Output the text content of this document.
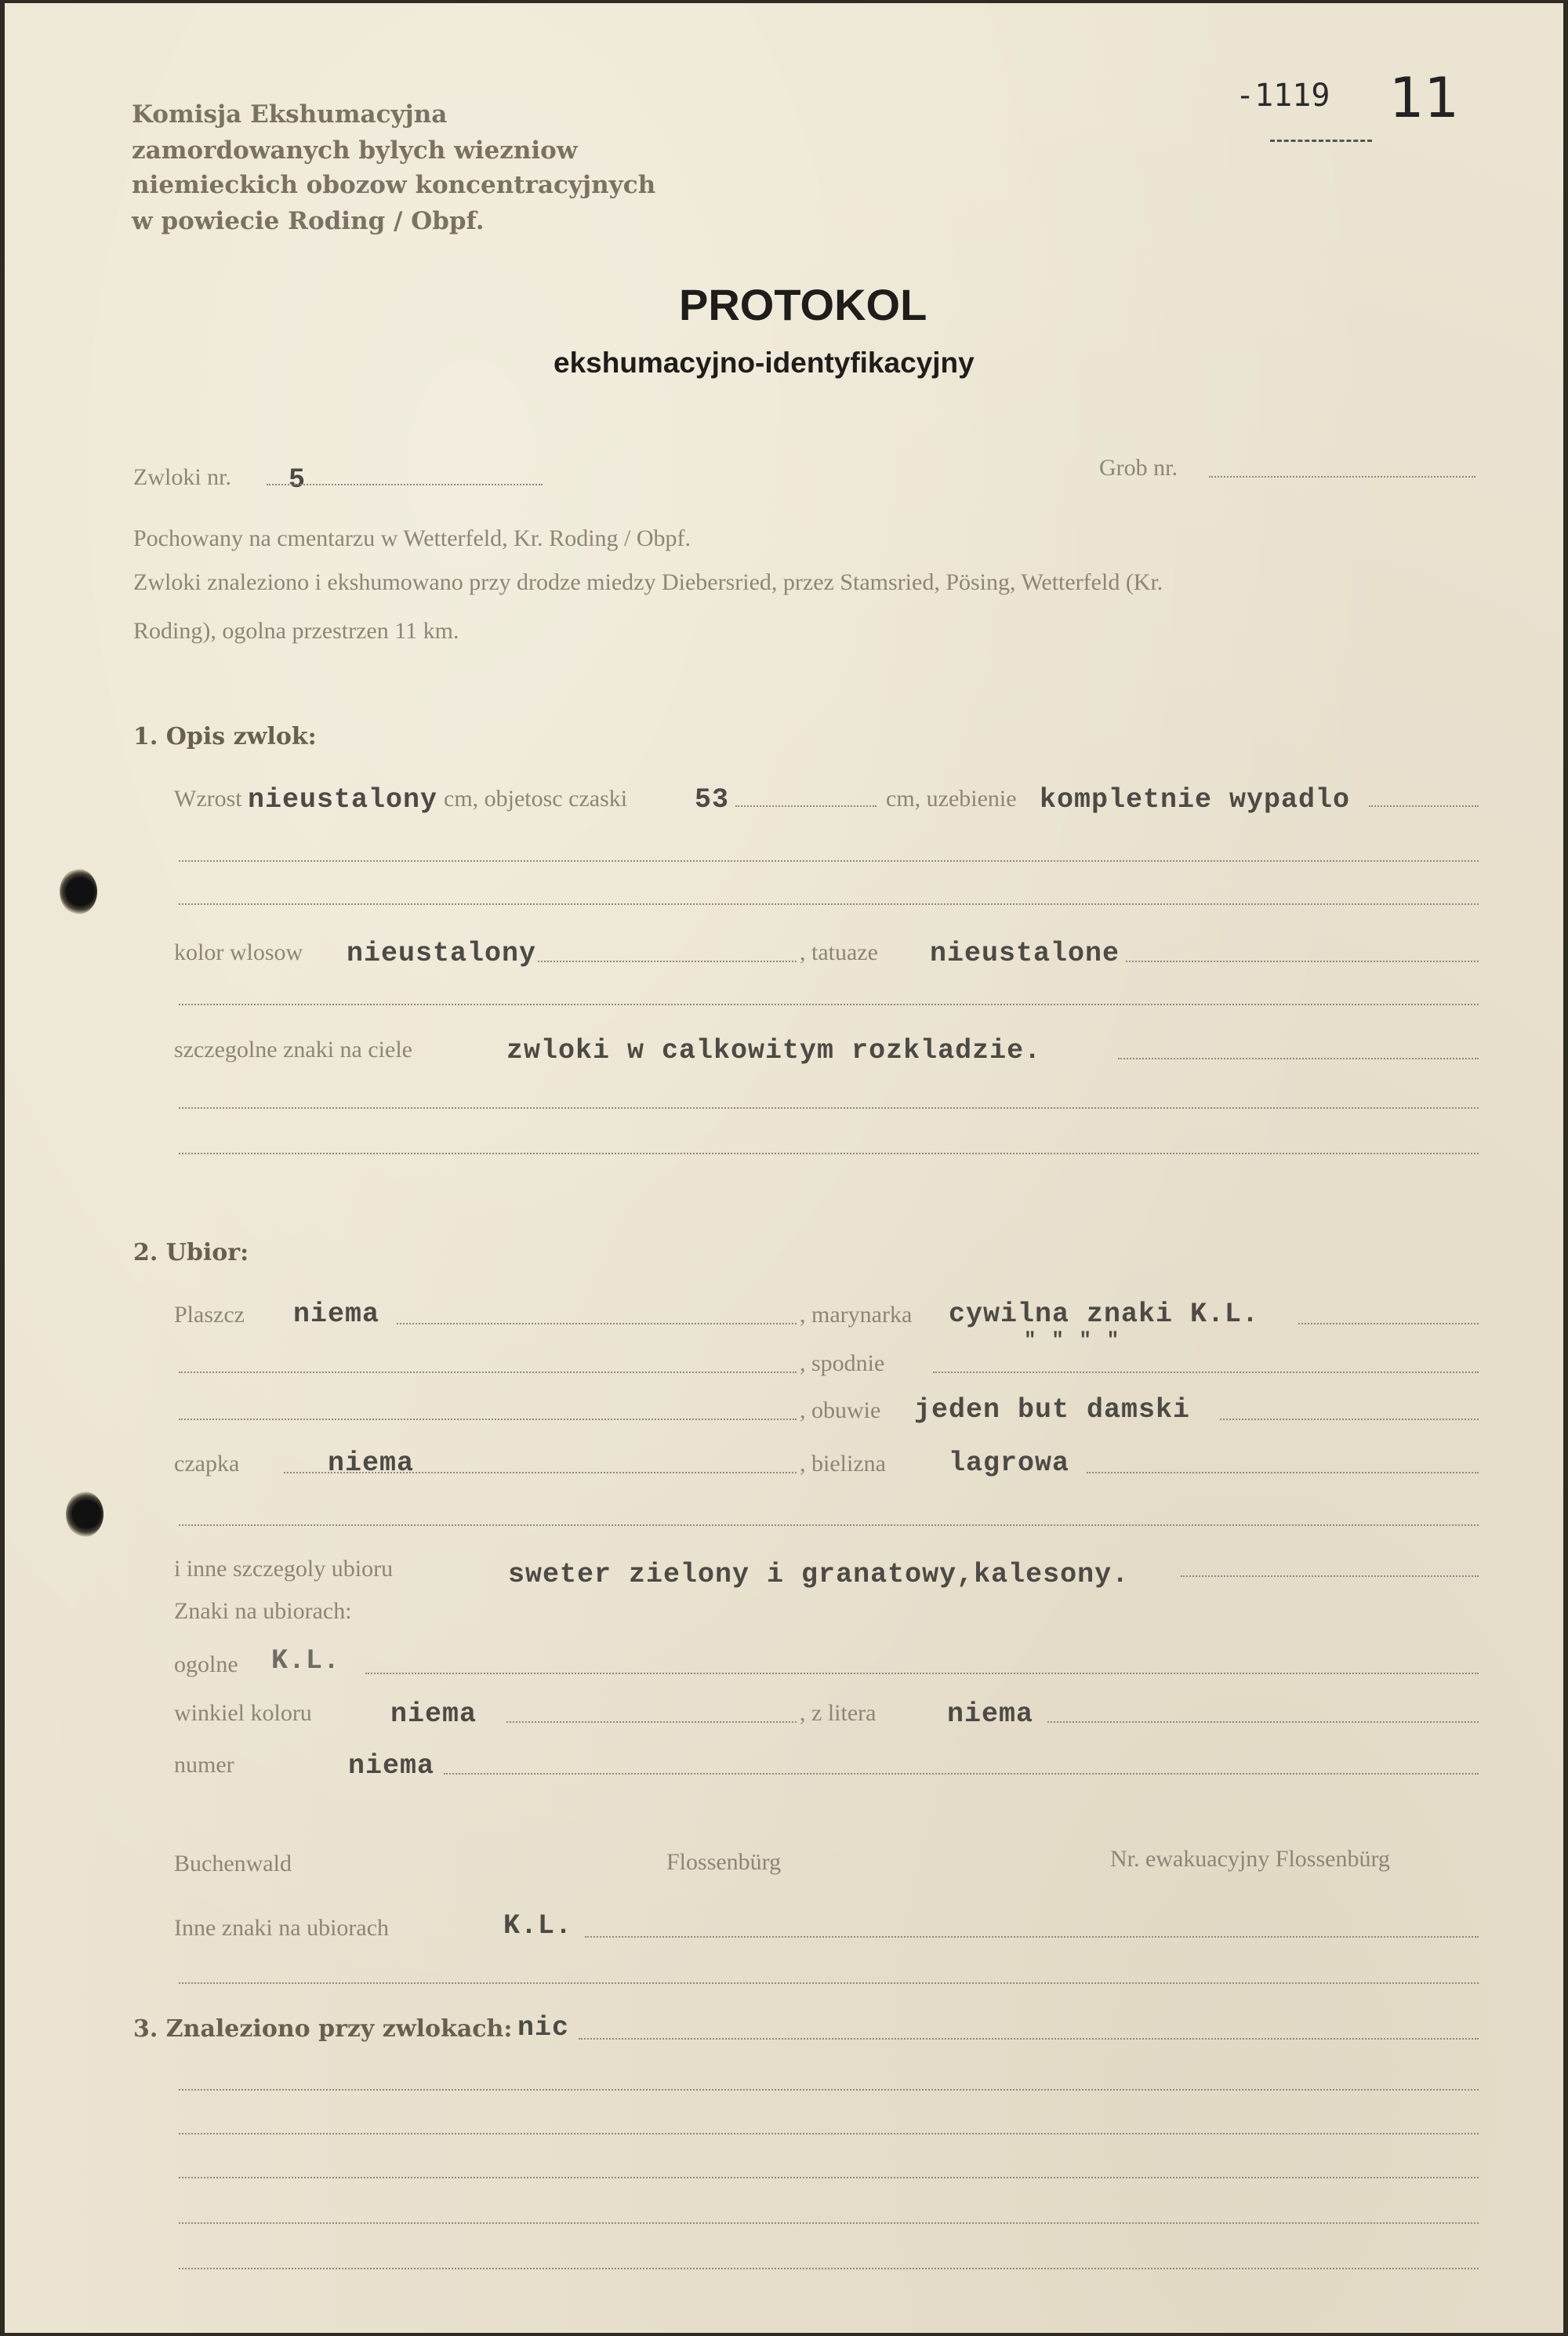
Komisja Ekshumacyjna
zamordowanych bylych wiezniow
niemieckich obozow koncentracyjnych
w powiecie Roding / Obpf.
-1119 11
PROTOKOL
ekshumacyjno-identyfikacyjny
Zwloki nr. 5	Grob nr.
Pochowany na cmentarzu w Wetterfeld, Kr. Roding / Obpf.
Zwloki znaleziono i ekshumowano przy drodze miedzy Diebersried, przez Stamsried, Pösing, Wetterfeld (Kr.
Roding), ogolna przestrzen 11 km.
1. Opis zwlok:
Wzrost nieustalony cm, objetosc czaski 53	cm, uzebienie kompletnie wypadlo
kolor wlosow nieustalony	, tatuaze nieustalone
szczegolne znaki na ciele	zwloki w calkowitym rozkladzie.
2. Ubior:
Plaszcz niema	, marynarka cywilna znaki K.L.
" " " "
, spodnie
, obuwie jeden but damski
czapka	niema	, bielizna lagrowa
i inne szczegoly ubioru	sweter zielony i granatowy,kalesony.
Znaki na ubiorach:
ogolne K.L.
winkiel koloru	niema	, z litera	niema
numer	niema
Buchenwald	Flossenbürg	Nr. ewakuacyjny Flossenbürg
Inne znaki na ubiorach	K.L.
3. Znaleziono przy zwlokach: nic
